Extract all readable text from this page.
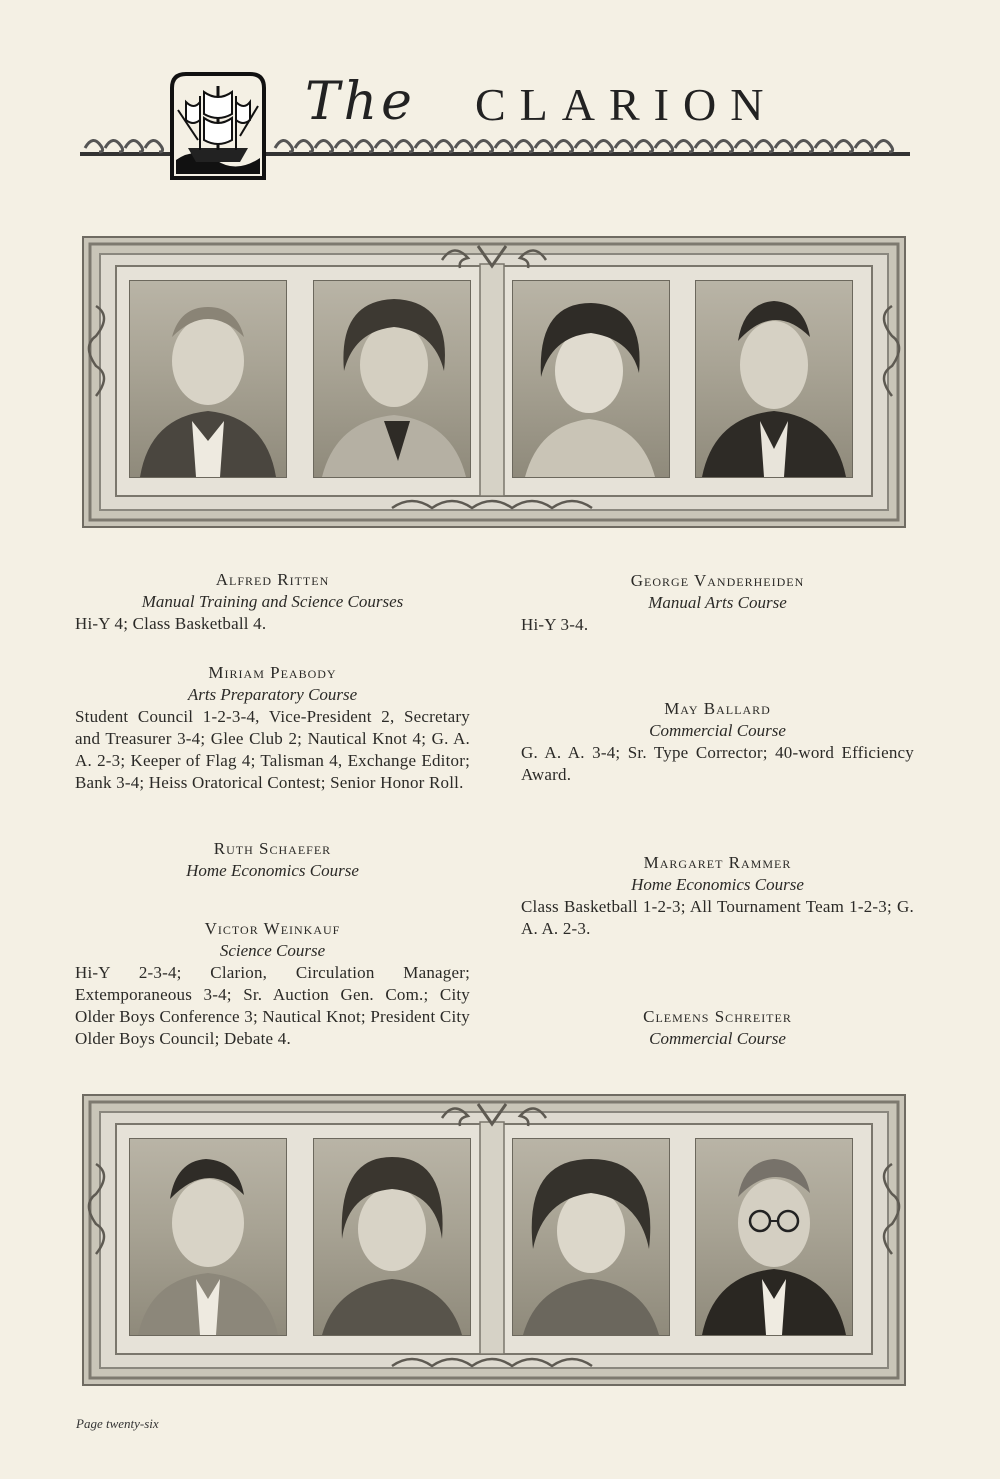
The CLARION
Alfred Ritten
Manual Training and Science Courses
Hi-Y 4; Class Basketball 4.
Miriam Peabody
Arts Preparatory Course
Student Council 1-2-3-4, Vice-President 2, Secretary and Treasurer 3-4; Glee Club 2; Nautical Knot 4; G. A. A. 2-3; Keeper of Flag 4; Talisman 4, Exchange Editor; Bank 3-4; Heiss Oratorical Contest; Senior Honor Roll.
Ruth Schaefer
Home Economics Course
Victor Weinkauf
Science Course
Hi-Y 2-3-4; Clarion, Circulation Manager; Extemporaneous 3-4; Sr. Auction Gen. Com.; City Older Boys Conference 3; Nautical Knot; President City Older Boys Council; Debate 4.
George Vanderheiden
Manual Arts Course
Hi-Y 3-4.
May Ballard
Commercial Course
G. A. A. 3-4; Sr. Type Corrector; 40-word Efficiency Award.
Margaret Rammer
Home Economics Course
Class Basketball 1-2-3; All Tournament Team 1-2-3; G. A. A. 2-3.
Clemens Schreiter
Commercial Course
Page twenty-six
